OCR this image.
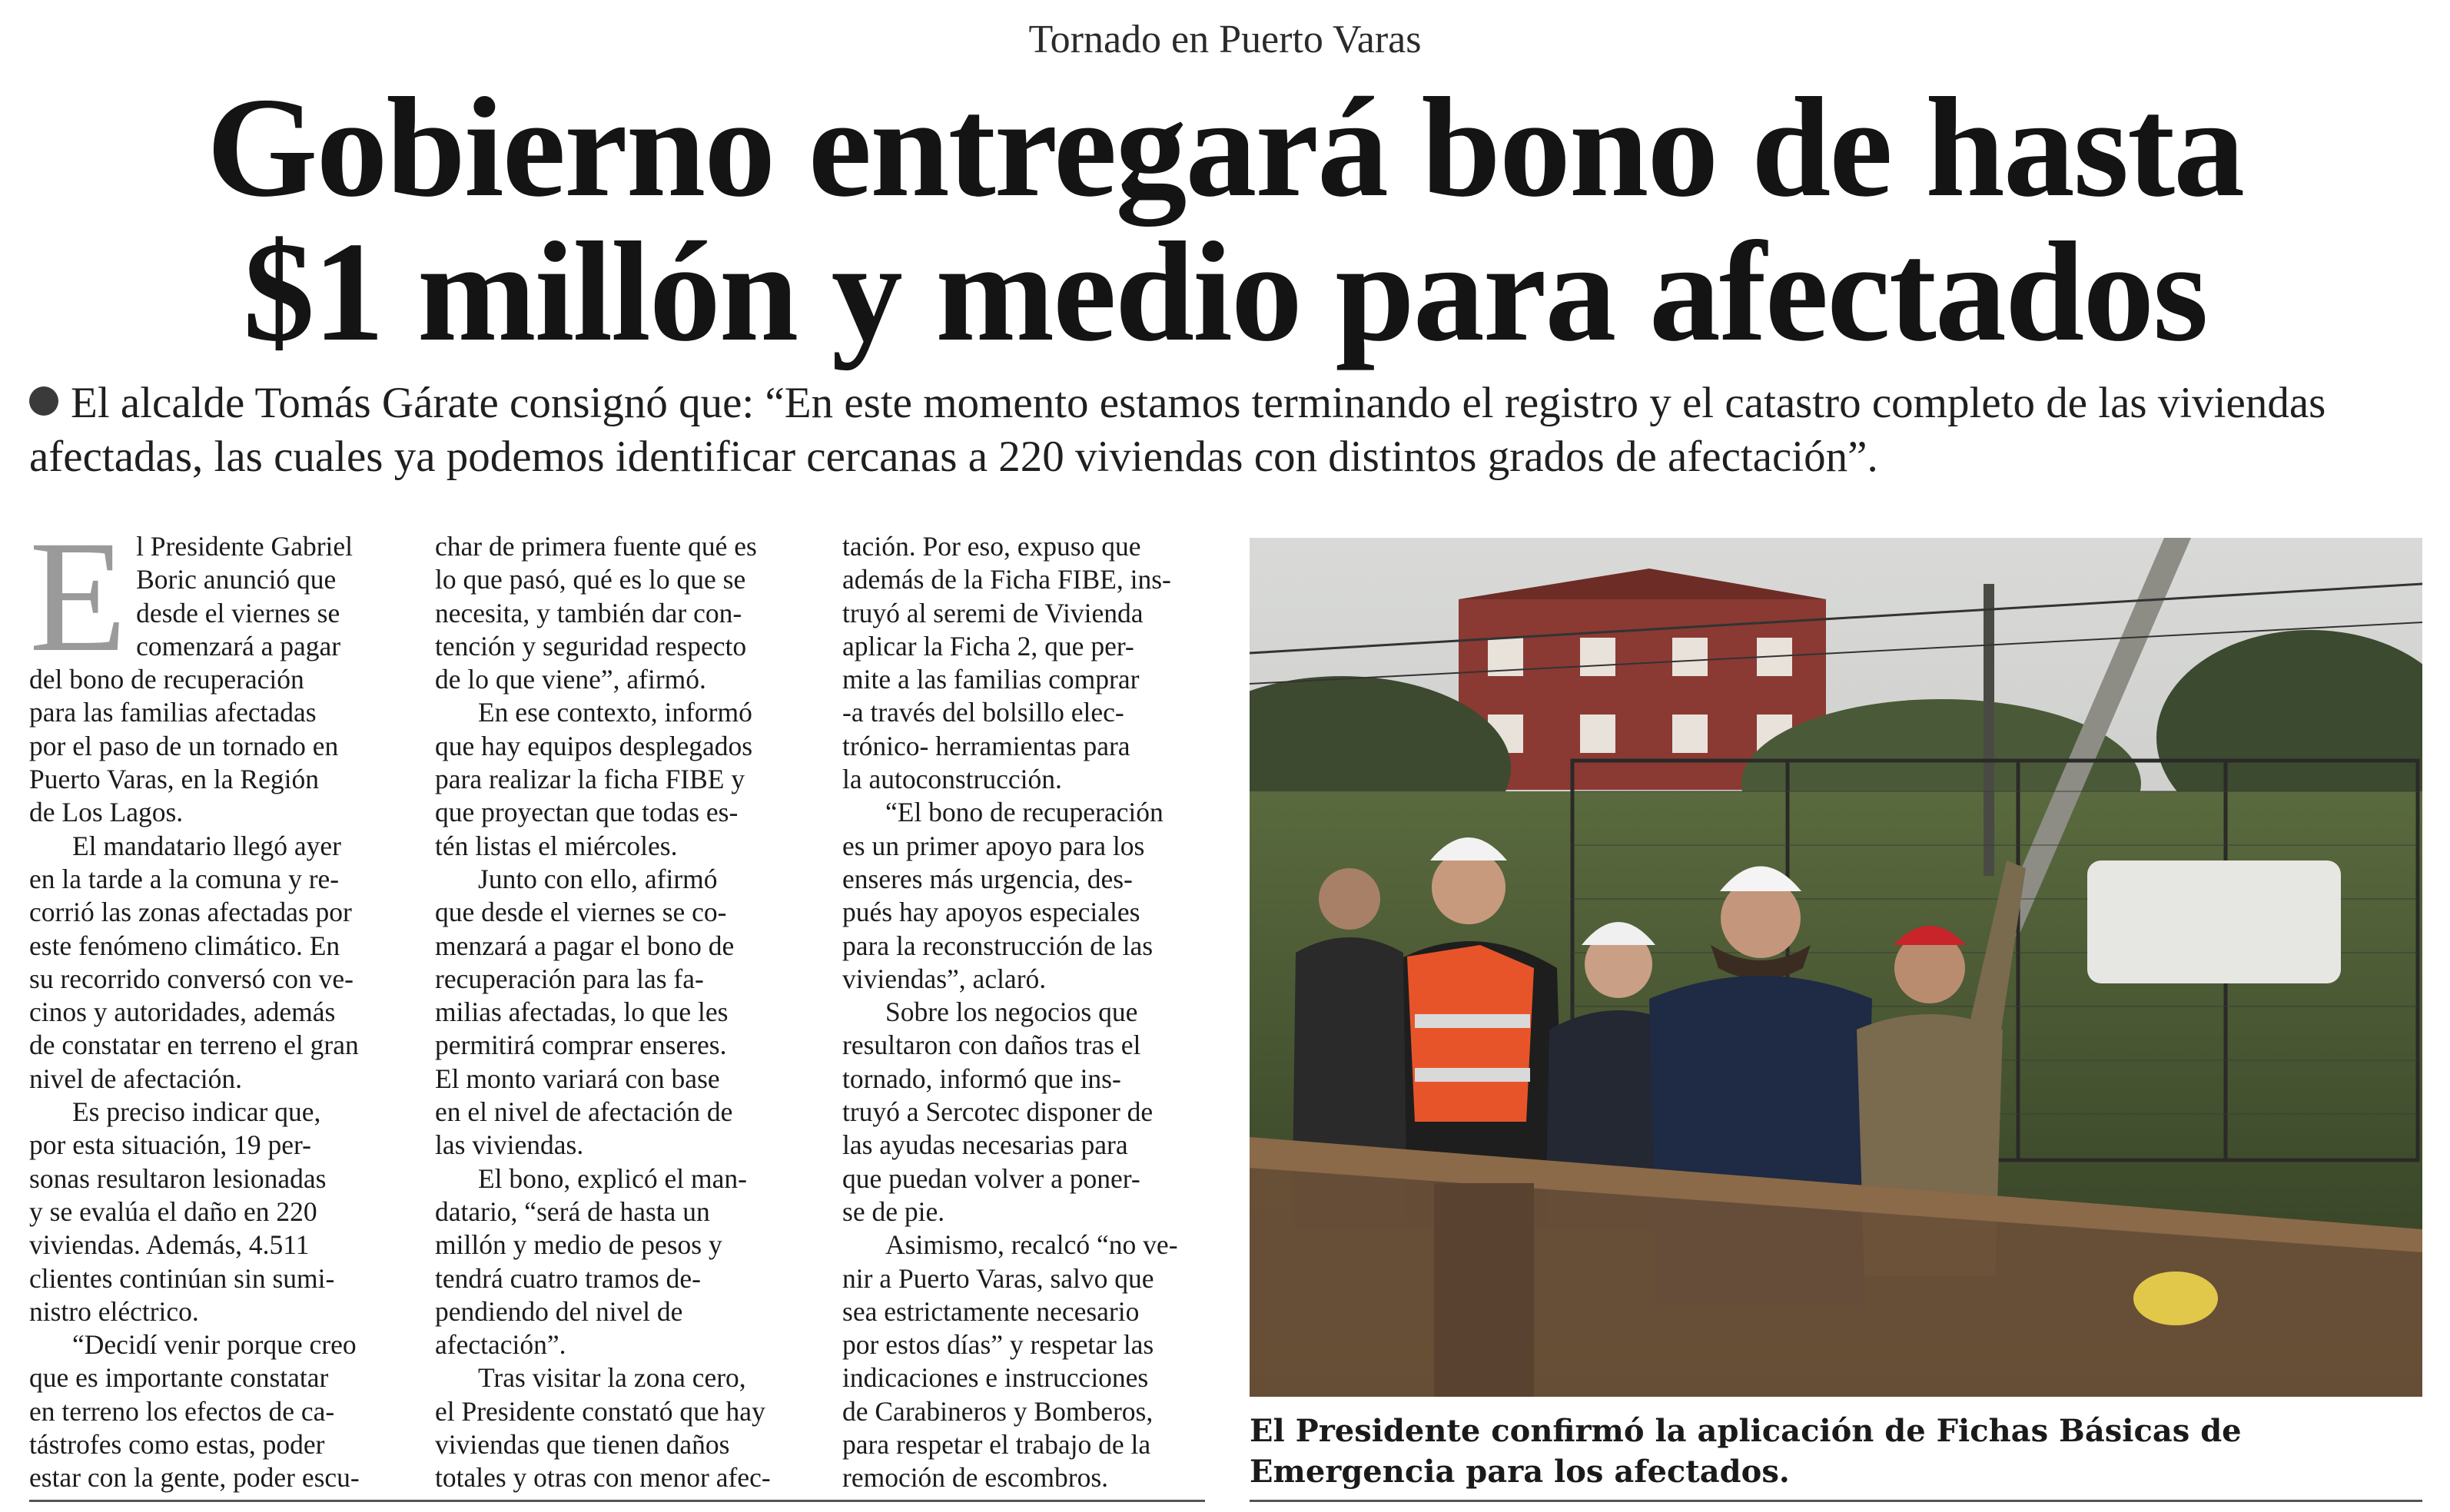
Tornado en Puerto Varas
Gobierno entregará bono de hasta
$1 millón y medio para afectados
El alcalde Tomás Gárate consignó que: “En este momento estamos terminando el registro y el catastro completo de las viviendas afectadas, las cuales ya podemos identificar cercanas a 220 viviendas con distintos grados de afectación”.
E l Presidente Gabriel
Boric anunció que
desde el viernes se
comenzará a pagar
del bono de recuperación
para las familias afectadas
por el paso de un tornado en
Puerto Varas, en la Región
de Los Lagos.
El mandatario llegó ayer
en la tarde a la comuna y re-
corrió las zonas afectadas por
este fenómeno climático. En
su recorrido conversó con ve-
cinos y autoridades, además
de constatar en terreno el gran
nivel de afectación.
Es preciso indicar que,
por esta situación, 19 per-
sonas resultaron lesionadas
y se evalúa el daño en 220
viviendas. Además, 4.511
clientes continúan sin sumi-
nistro eléctrico.
“Decidí venir porque creo
que es importante constatar
en terreno los efectos de ca-
tástrofes como estas, poder
estar con la gente, poder escu-
char de primera fuente qué es
lo que pasó, qué es lo que se
necesita, y también dar con-
tención y seguridad respecto
de lo que viene”, afirmó.
En ese contexto, informó
que hay equipos desplegados
para realizar la ficha FIBE y
que proyectan que todas es-
tén listas el miércoles.
Junto con ello, afirmó
que desde el viernes se co-
menzará a pagar el bono de
recuperación para las fa-
milias afectadas, lo que les
permitirá comprar enseres.
El monto variará con base
en el nivel de afectación de
las viviendas.
El bono, explicó el man-
datario, “será de hasta un
millón y medio de pesos y
tendrá cuatro tramos de-
pendiendo del nivel de
afectación”.
Tras visitar la zona cero,
el Presidente constató que hay
viviendas que tienen daños
totales y otras con menor afec-
tación. Por eso, expuso que
además de la Ficha FIBE, ins-
truyó al seremi de Vivienda
aplicar la Ficha 2, que per-
mite a las familias comprar
-a través del bolsillo elec-
trónico- herramientas para
la autoconstrucción.
“El bono de recuperación
es un primer apoyo para los
enseres más urgencia, des-
pués hay apoyos especiales
para la reconstrucción de las
viviendas”, aclaró.
Sobre los negocios que
resultaron con daños tras el
tornado, informó que ins-
truyó a Sercotec disponer de
las ayudas necesarias para
que puedan volver a poner-
se de pie.
Asimismo, recalcó “no ve-
nir a Puerto Varas, salvo que
sea estrictamente necesario
por estos días” y respetar las
indicaciones e instrucciones
de Carabineros y Bomberos,
para respetar el trabajo de la
remoción de escombros.
El Presidente confirmó la aplicación de Fichas Básicas de Emergencia para los afectados.
